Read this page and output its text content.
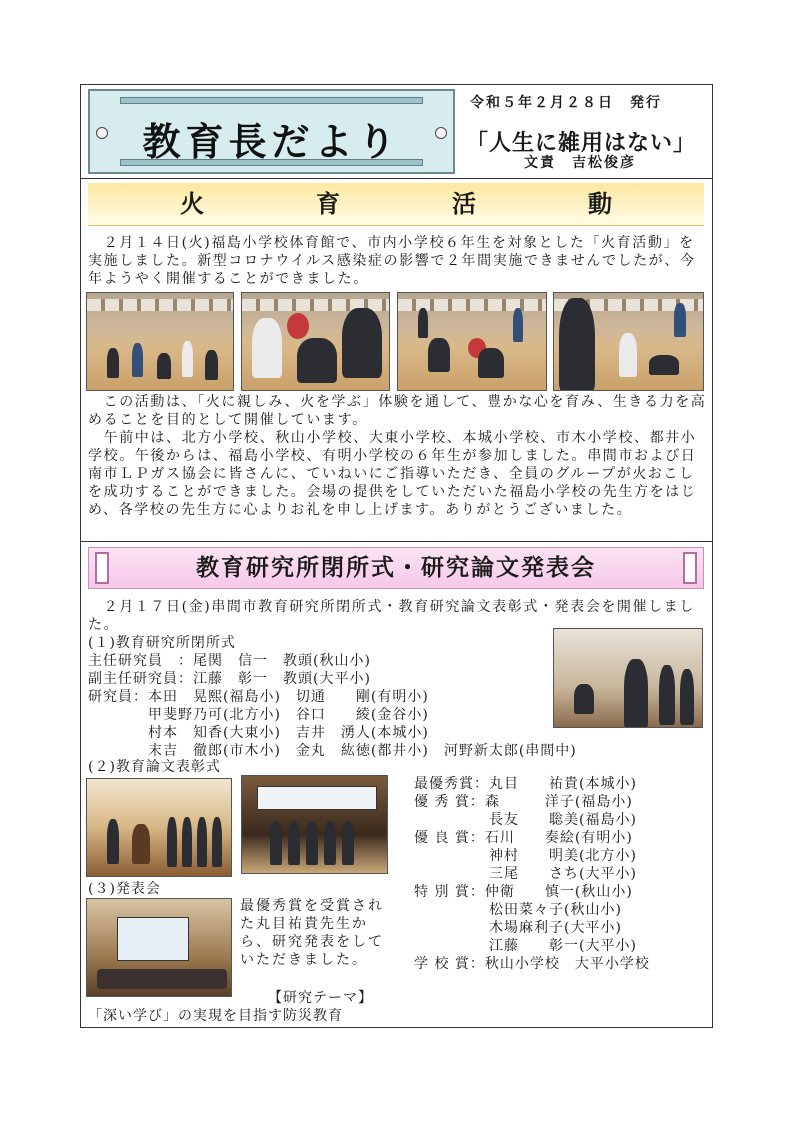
教育長だより
令和５年２月２８日　発行
「人生に雑用はない」
文責　吉松俊彦
火　育　活　動
　２月１４日(火)福島小学校体育館で、市内小学校６年生を対象とした「火育活動」を実施しました。新型コロナウイルス感染症の影響で２年間実施できませんでしたが、今年ようやく開催することができました。
　この活動は、「火に親しみ、火を学ぶ」体験を通して、豊かな心を育み、生きる力を高めることを目的として開催しています。
　午前中は、北方小学校、秋山小学校、大東小学校、本城小学校、市木小学校、都井小学校。午後からは、福島小学校、有明小学校の６年生が参加しました。串間市および日南市ＬＰガス協会に皆さんに、ていねいにご指導いただき、全員のグループが火おこしを成功することができました。会場の提供をしていただいた福島小学校の先生方をはじめ、各学校の先生方に心よりお礼を申し上げます。ありがとうございました。
教育研究所閉所式・研究論文発表会
　２月１７日(金)串間市教育研究所閉所式・教育研究論文表彰式・発表会を開催しました。
(１)教育研究所閉所式
主任研究員　：尾関　信一　教頭(秋山小)
副主任研究員：江藤　彰一　教頭(大平小)
研究員：本田　晃熙(福島小)　切通　　剛(有明小)
　　　　甲斐野乃可(北方小)　谷口　　綾(金谷小)
　　　　村本　知香(大東小)　吉井　湧人(本城小)
　　　　末吉　徹郎(市木小)　金丸　紘徳(都井小)　河野新太郎(串間中)
(２)教育論文表彰式
(３)発表会
最優秀賞を受賞された丸目祐貴先生から、研究発表をしていただきました。
【研究テーマ】
「深い学び」の実現を目指す防災教育
最優秀賞：丸目　　祐貴(本城小)
優 秀 賞：森　　　洋子(福島小)
　　　　　長友　　聡美(福島小)
優 良 賞：石川　　奏絵(有明小)
　　　　　神村　　明美(北方小)
　　　　　三尾　　さち(大平小)
特 別 賞：仲衛　　慎一(秋山小)
　　　　　松田菜々子(秋山小)
　　　　　木場麻利子(大平小)
　　　　　江藤　　彰一(大平小)
学 校 賞：秋山小学校　大平小学校
